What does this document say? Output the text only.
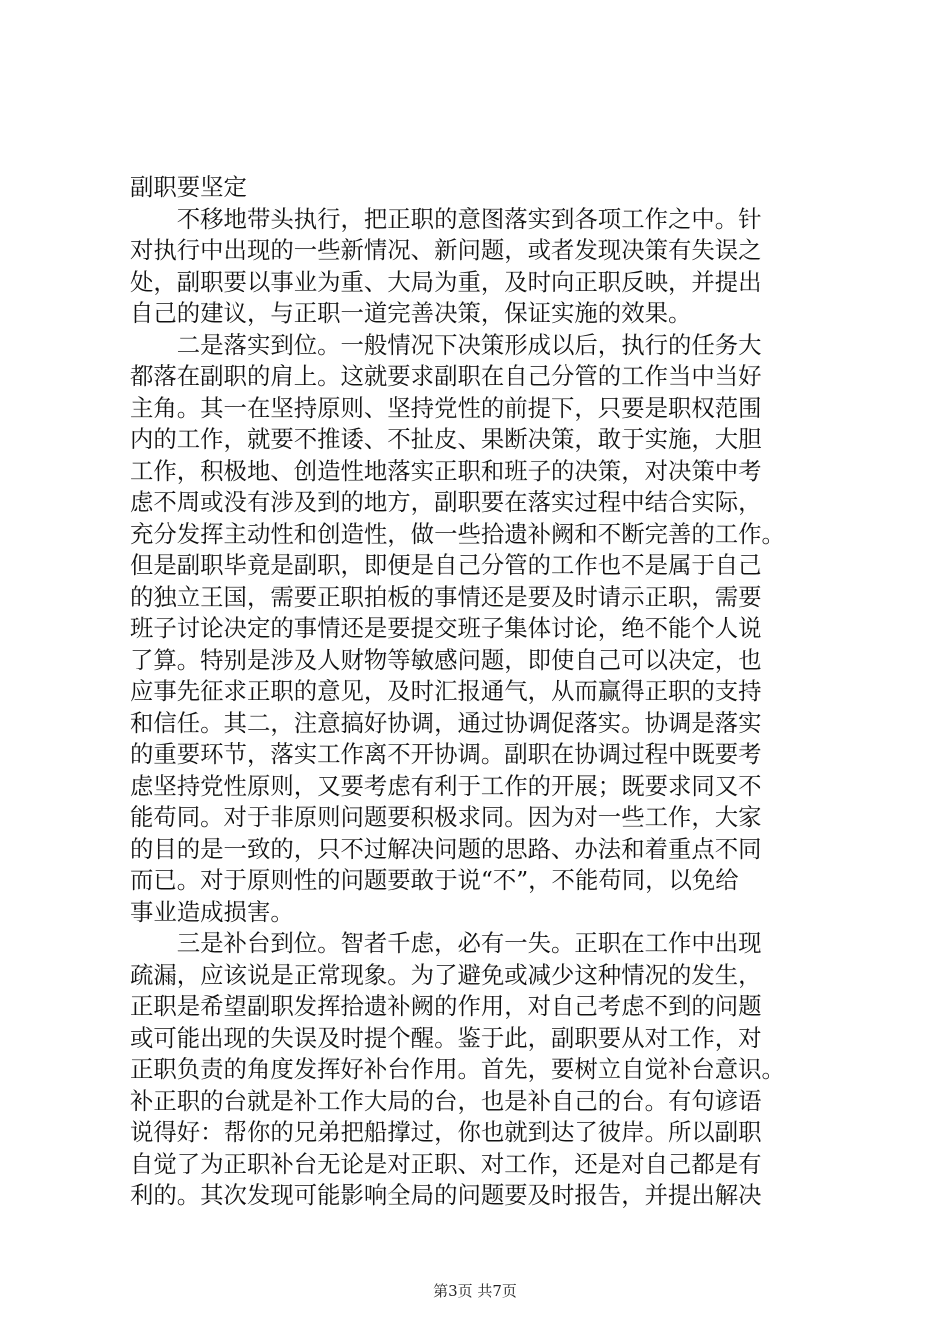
副职要坚定
　　不移地带头执行，把正职的意图落实到各项工作之中。针
对执行中出现的一些新情况、新问题，或者发现决策有失误之
处，副职要以事业为重、大局为重，及时向正职反映，并提出
自己的建议，与正职一道完善决策，保证实施的效果。
　　二是落实到位。一般情况下决策形成以后，执行的任务大
都落在副职的肩上。这就要求副职在自己分管的工作当中当好
主角。其一在坚持原则、坚持党性的前提下，只要是职权范围
内的工作，就要不推诿、不扯皮、果断决策，敢于实施，大胆
工作，积极地、创造性地落实正职和班子的决策，对决策中考
虑不周或没有涉及到的地方，副职要在落实过程中结合实际，
充分发挥主动性和创造性，做一些拾遗补阙和不断完善的工作。
但是副职毕竟是副职，即便是自己分管的工作也不是属于自己
的独立王国，需要正职拍板的事情还是要及时请示正职，需要
班子讨论决定的事情还是要提交班子集体讨论，绝不能个人说
了算。特别是涉及人财物等敏感问题，即使自己可以决定，也
应事先征求正职的意见，及时汇报通气，从而赢得正职的支持
和信任。其二，注意搞好协调，通过协调促落实。协调是落实
的重要环节，落实工作离不开协调。副职在协调过程中既要考
虑坚持党性原则，又要考虑有利于工作的开展；既要求同又不
能苟同。对于非原则问题要积极求同。因为对一些工作，大家
的目的是一致的，只不过解决问题的思路、办法和着重点不同
而已。对于原则性的问题要敢于说“不”，不能苟同，以免给
事业造成损害。
　　三是补台到位。智者千虑，必有一失。正职在工作中出现
疏漏，应该说是正常现象。为了避免或减少这种情况的发生，
正职是希望副职发挥拾遗补阙的作用，对自己考虑不到的问题
或可能出现的失误及时提个醒。鉴于此，副职要从对工作，对
正职负责的角度发挥好补台作用。首先，要树立自觉补台意识。
补正职的台就是补工作大局的台，也是补自己的台。有句谚语
说得好：帮你的兄弟把船撑过，你也就到达了彼岸。所以副职
自觉了为正职补台无论是对正职、对工作，还是对自己都是有
利的。其次发现可能影响全局的问题要及时报告，并提出解决
第3页 共7页
